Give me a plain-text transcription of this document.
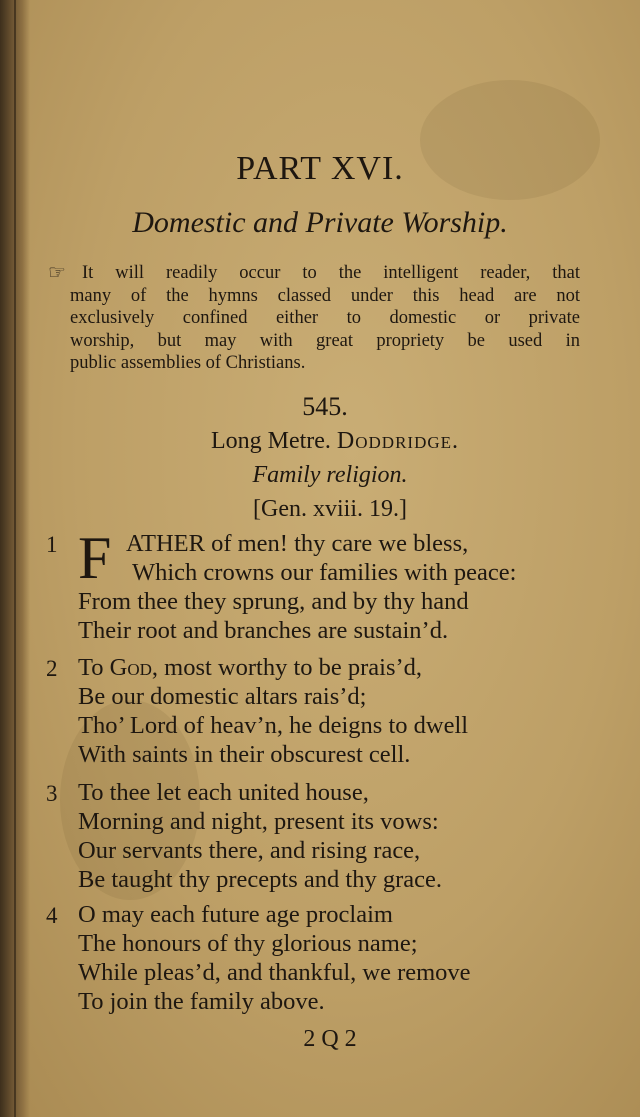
PART XVI.
Domestic and Private Worship.
☞ It will readily occur to the intelligent reader, that
many of the hymns classed under this head are not
exclusively confined either to domestic or private
worship, but may with great propriety be used in
public assemblies of Christians.
545.
Long Metre. Doddridge.
Family religion.
[Gen. xviii. 19.]
1 F ATHER of men! thy care we bless,
Which crowns our families with peace:
From thee they sprung, and by thy hand
Their root and branches are sustain’d.
2 To God, most worthy to be prais’d,
Be our domestic altars rais’d;
Tho’ Lord of heav’n, he deigns to dwell
With saints in their obscurest cell.
3 To thee let each united house,
Morning and night, present its vows:
Our servants there, and rising race,
Be taught thy precepts and thy grace.
4 O may each future age proclaim
The honours of thy glorious name;
While pleas’d, and thankful, we remove
To join the family above.
2 Q 2
